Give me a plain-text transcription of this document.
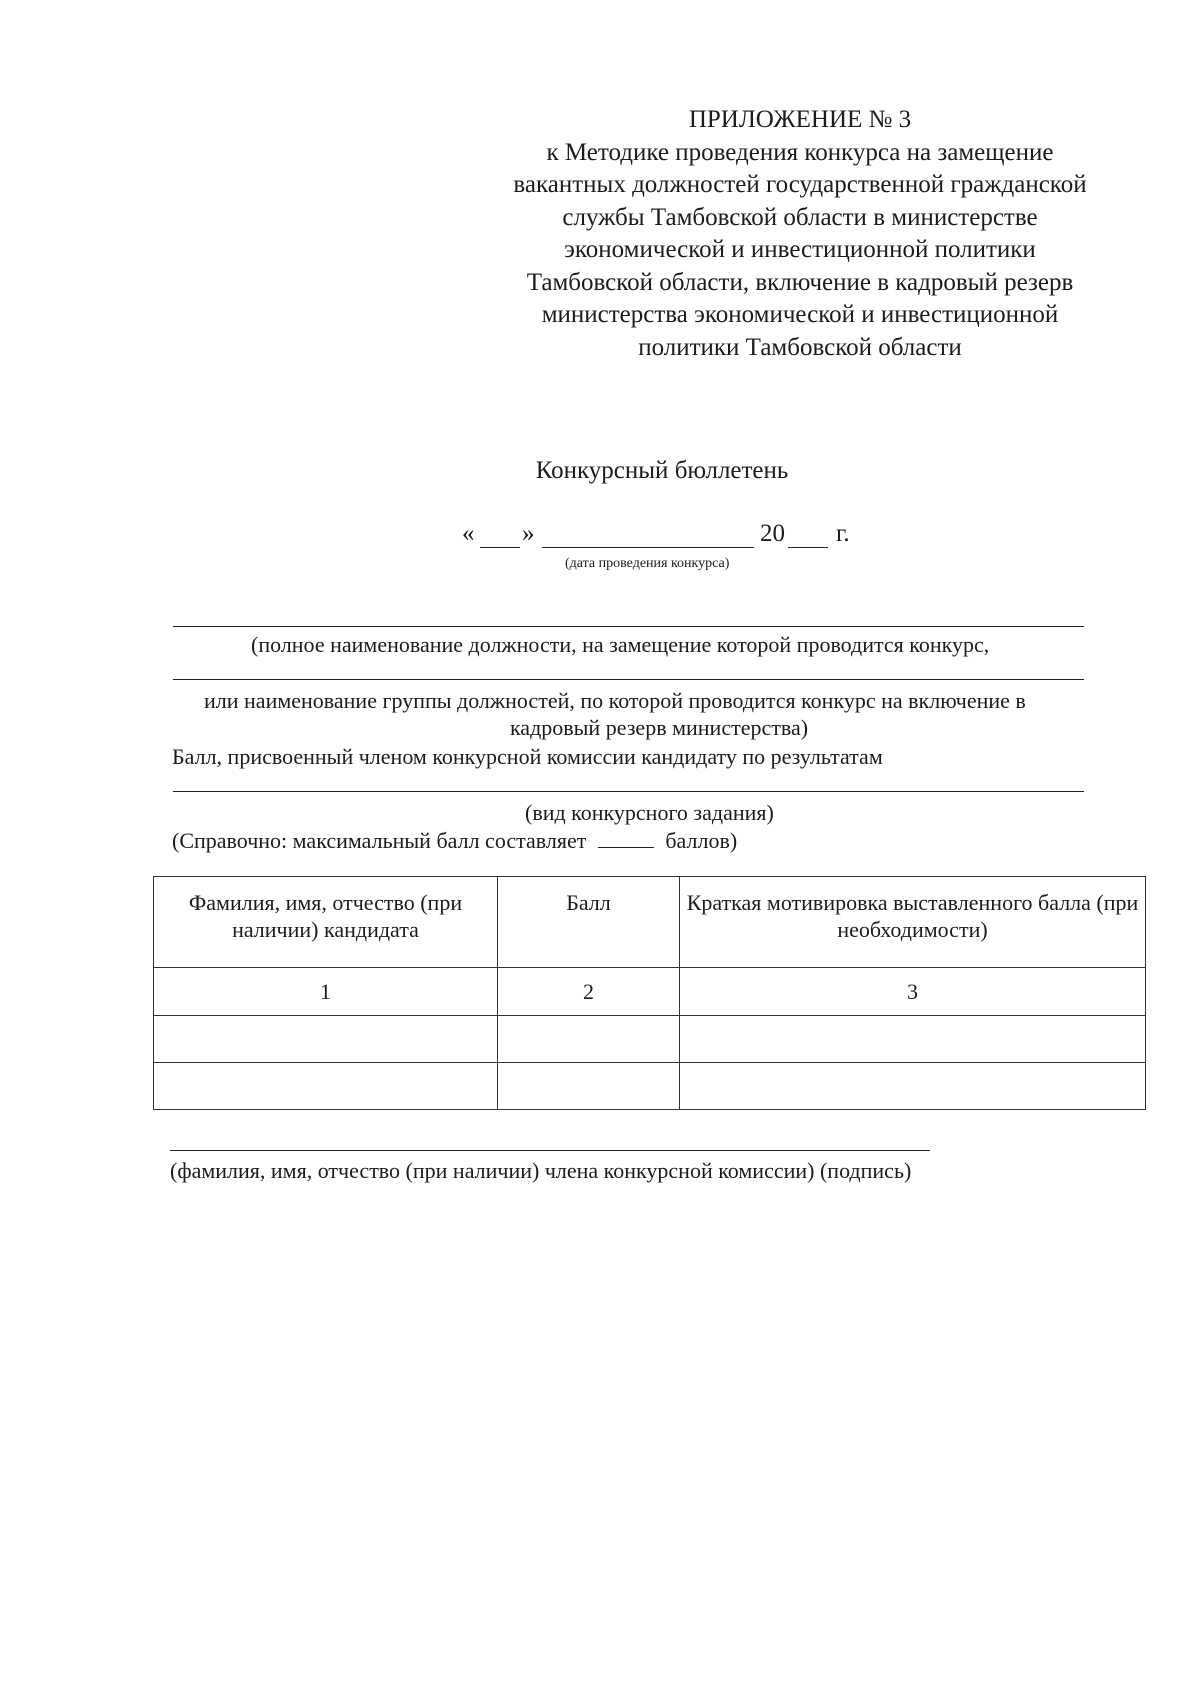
ПРИЛОЖЕНИЕ № 3
к Методике проведения конкурса на замещение
вакантных должностей государственной гражданской
службы Тамбовской области в министерстве
экономической и инвестиционной политики
Тамбовской области, включение в кадровый резерв
министерства экономической и инвестиционной
политики Тамбовской области
Конкурсный бюллетень
« »	20 г.
(дата проведения конкурса)
(полное наименование должности, на замещение которой проводится конкурс,
или наименование группы должностей, по которой проводится конкурс на включение в
кадровый резерв министерства)
Балл, присвоенный членом конкурсной комиссии кандидату по результатам
(вид конкурсного задания)
(Справочно: максимальный балл составляет	баллов)
Фамилия, имя, отчество (при наличии) кандидата	Балл	Краткая мотивировка выставленного балла (при необходимости)
1	2	3

(фамилия, имя, отчество (при наличии) члена конкурсной комиссии) (подпись)
